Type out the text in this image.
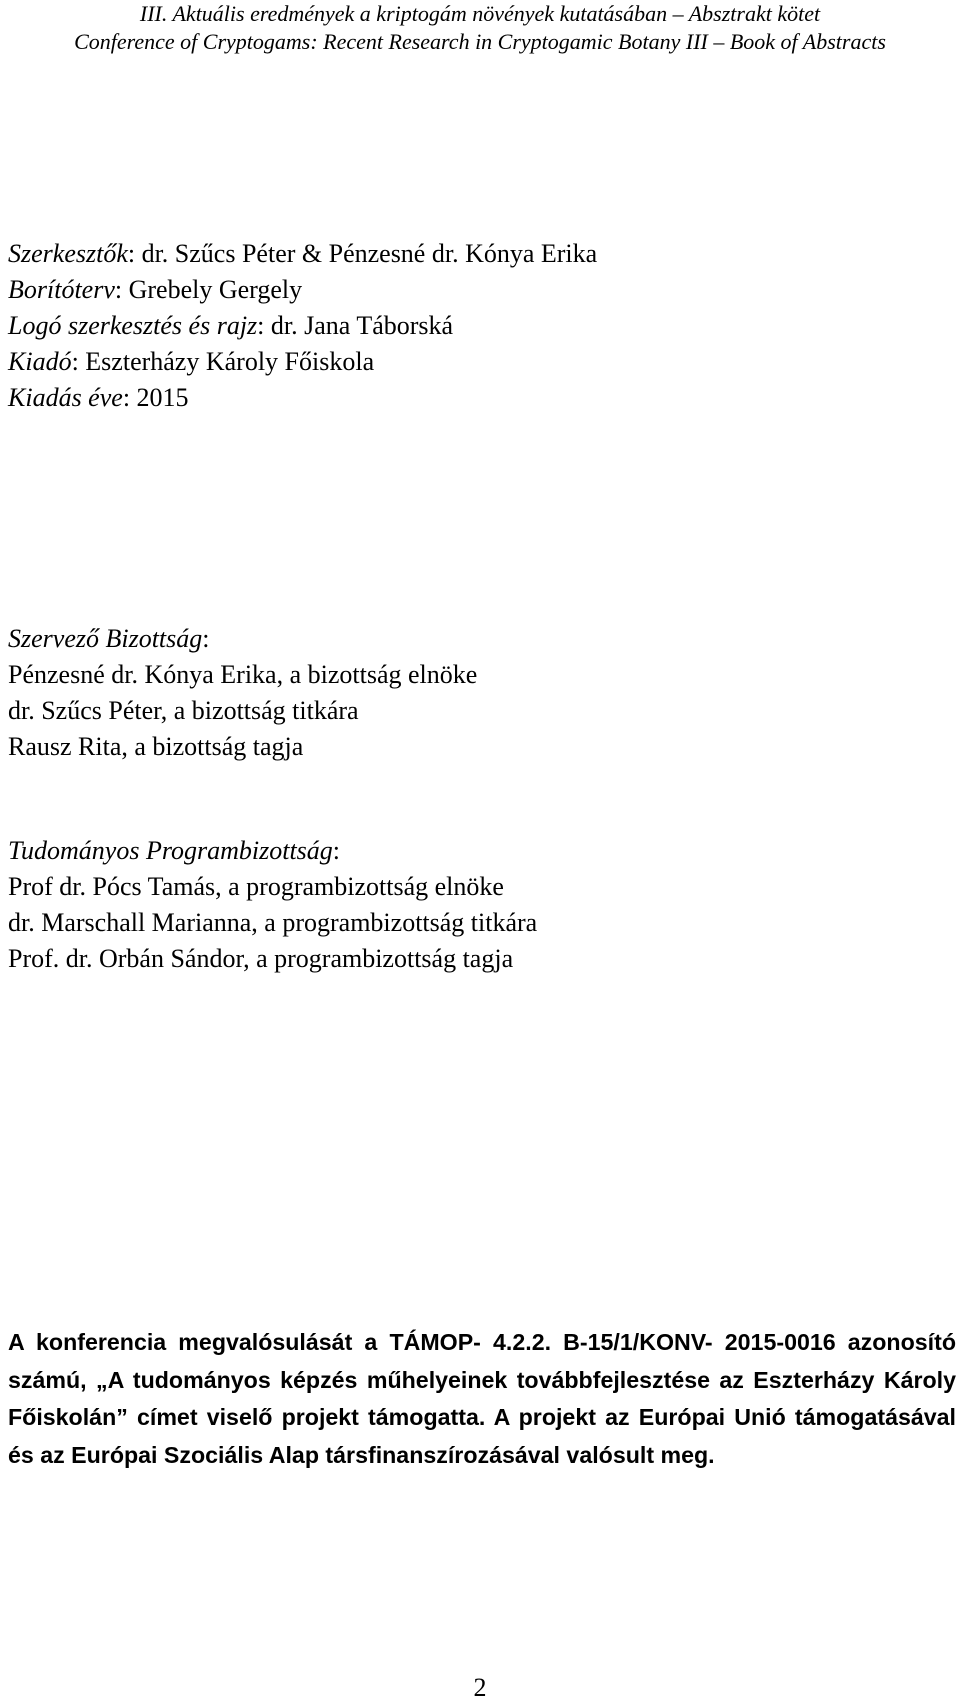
III. Aktuális eredmények a kriptogám növények kutatásában – Absztrakt kötet
Conference of Cryptogams: Recent Research in Cryptogamic Botany III – Book of Abstracts
Szerkesztők: dr. Szűcs Péter & Pénzesné dr. Kónya Erika
Borítóterv: Grebely Gergely
Logó szerkesztés és rajz: dr. Jana Táborská
Kiadó: Eszterházy Károly Főiskola
Kiadás éve: 2015
Szervező Bizottság:
Pénzesné dr. Kónya Erika, a bizottság elnöke
dr. Szűcs Péter, a bizottság titkára
Rausz Rita, a bizottság tagja
Tudományos Programbizottság:
Prof dr. Pócs Tamás, a programbizottság elnöke
dr. Marschall Marianna, a programbizottság titkára
Prof. dr. Orbán Sándor, a programbizottság tagja
A konferencia megvalósulását a TÁMOP- 4.2.2. B-15/1/KONV- 2015-0016 azonosító számú, „A tudományos képzés műhelyeinek továbbfejlesztése az Eszterházy Károly Főiskolán” címet viselő projekt támogatta. A projekt az Európai Unió támogatásával és az Európai Szociális Alap társfinanszírozásával valósult meg.
2
